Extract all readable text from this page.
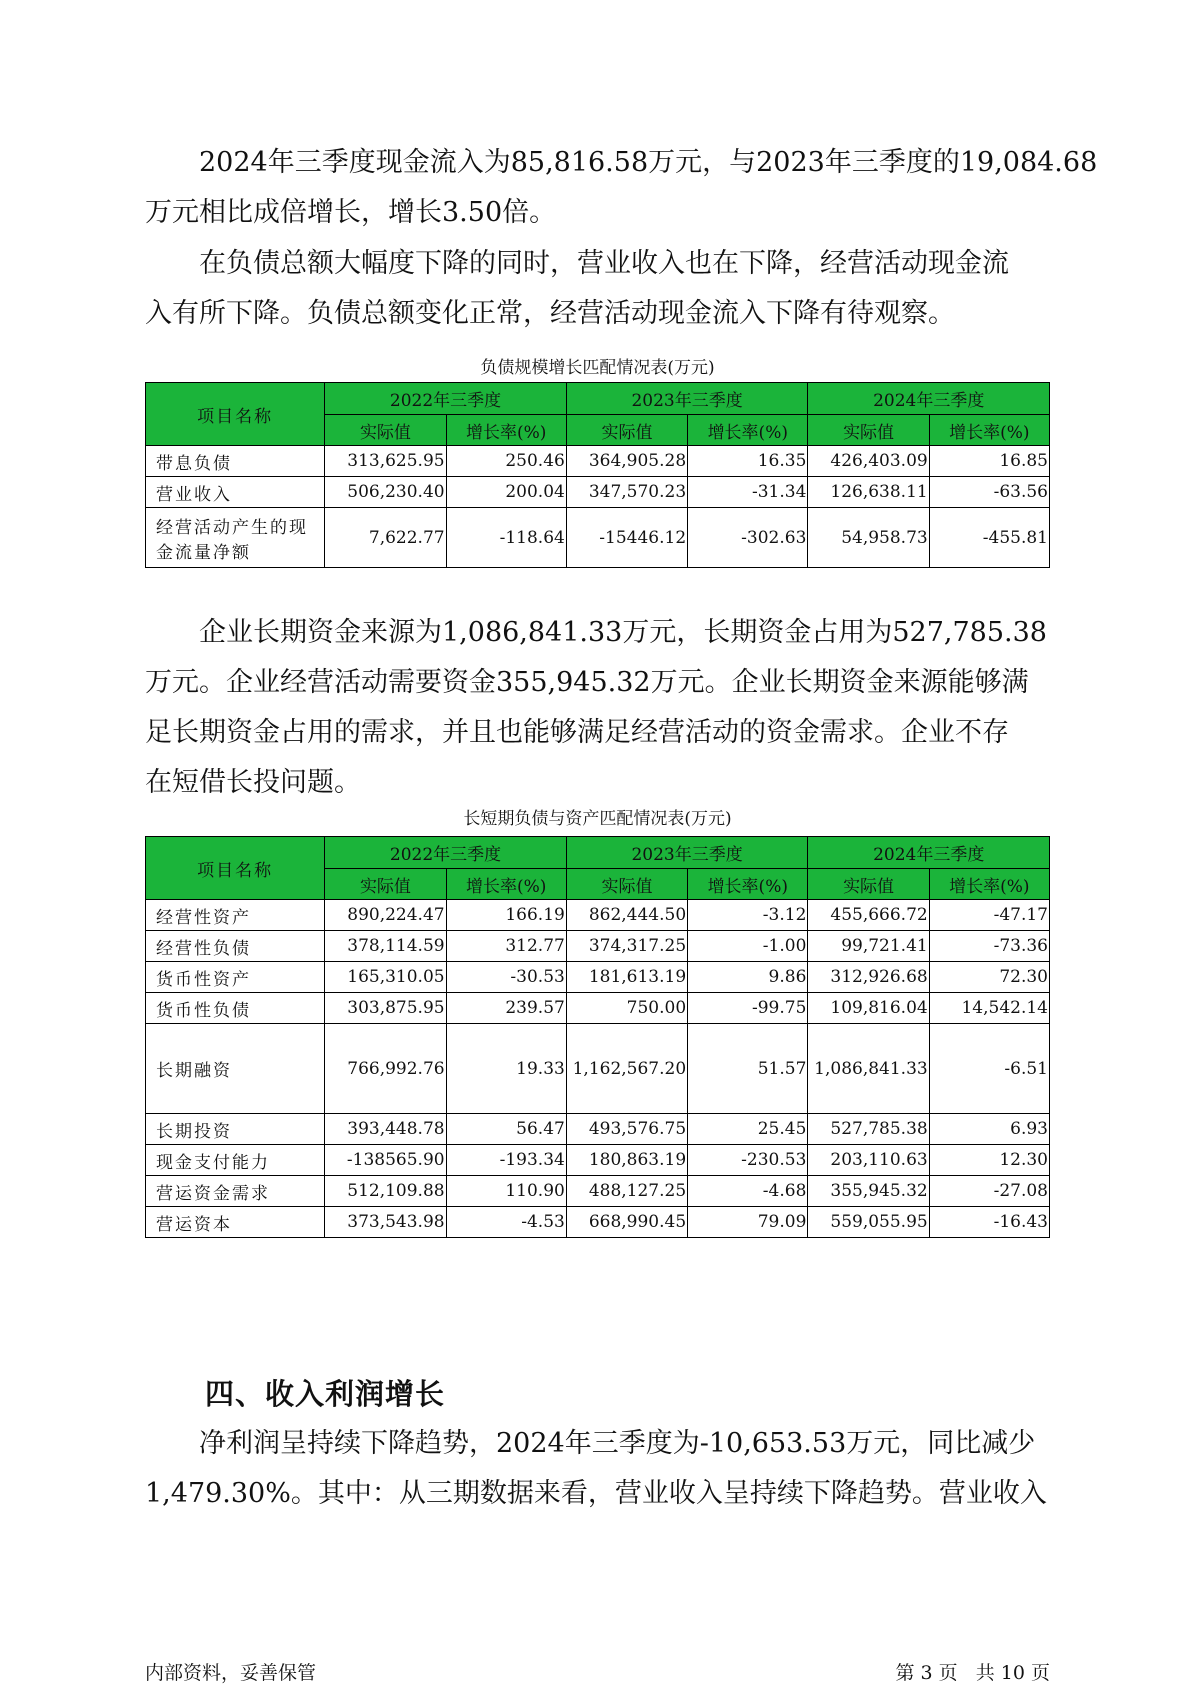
2024年三季度现金流入为85,816.58万元，与2023年三季度的19,084.68
万元相比成倍增长，增长3.50倍。
在负债总额大幅度下降的同时，营业收入也在下降，经营活动现金流
入有所下降。负债总额变化正常，经营活动现金流入下降有待观察。
负债规模增长匹配情况表(万元)
项目名称	2022年三季度		2023年三季度		2024年三季度	
	实际值	增长率(%)	实际值	增长率(%)	实际值	增长率(%)
带息负债	313,625.95	250.46	364,905.28	16.35	426,403.09	16.85
营业收入	506,230.40	200.04	347,570.23	-31.34	126,638.11	-63.56
经营活动产生的现金流量净额	7,622.77	-118.64	-15446.12	-302.63	54,958.73	-455.81
企业长期资金来源为1,086,841.33万元，长期资金占用为527,785.38
万元。企业经营活动需要资金355,945.32万元。企业长期资金来源能够满
足长期资金占用的需求，并且也能够满足经营活动的资金需求。企业不存
在短借长投问题。
长短期负债与资产匹配情况表(万元)
项目名称	2022年三季度		2023年三季度		2024年三季度	
	实际值	增长率(%)	实际值	增长率(%)	实际值	增长率(%)
经营性资产	890,224.47	166.19	862,444.50	-3.12	455,666.72	-47.17
经营性负债	378,114.59	312.77	374,317.25	-1.00	99,721.41	-73.36
货币性资产	165,310.05	-30.53	181,613.19	9.86	312,926.68	72.30
货币性负债	303,875.95	239.57	750.00	-99.75	109,816.04	14,542.14
长期融资	766,992.76	19.33	1,162,567.20	51.57	1,086,841.33	-6.51
长期投资	393,448.78	56.47	493,576.75	25.45	527,785.38	6.93
现金支付能力	-138565.90	-193.34	180,863.19	-230.53	203,110.63	12.30
营运资金需求	512,109.88	110.90	488,127.25	-4.68	355,945.32	-27.08
营运资本	373,543.98	-4.53	668,990.45	79.09	559,055.95	-16.43
四、收入利润增长
净利润呈持续下降趋势，2024年三季度为-10,653.53万元，同比减少
1,479.30%。其中：从三期数据来看，营业收入呈持续下降趋势。营业收入
内部资料，妥善保管	第 3 页   共 10 页
